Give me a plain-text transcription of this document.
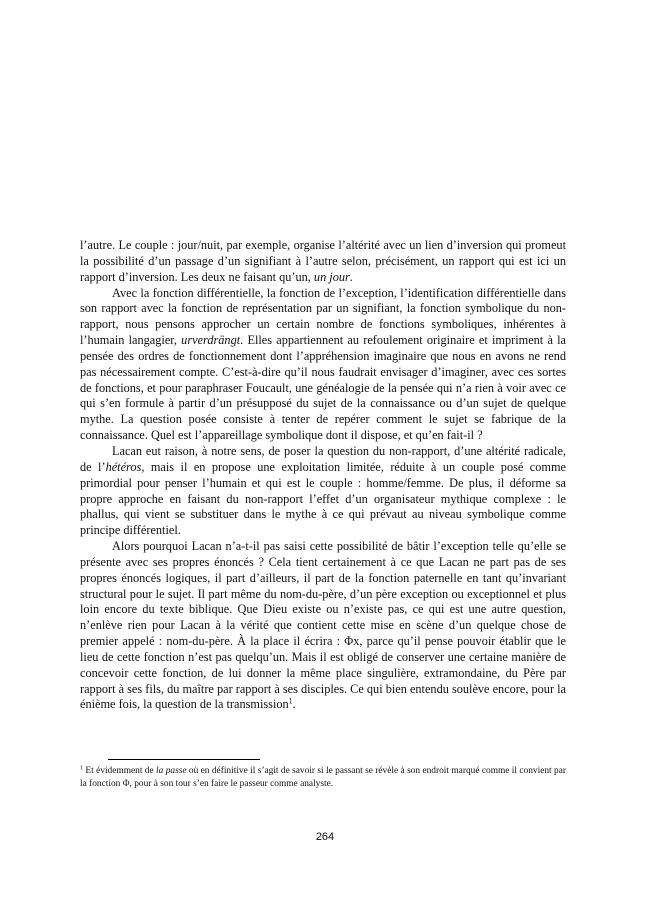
l’autre. Le couple : jour/nuit, par exemple, organise l’altérité avec un lien d’inversion qui promeut la possibilité d’un passage d’un signifiant à l’autre selon, précisément, un rapport qui est ici un rapport d’inversion. Les deux ne faisant qu’un, un jour.

Avec la fonction différentielle, la fonction de l’exception, l’identification différentielle dans son rapport avec la fonction de représentation par un signifiant, la fonction symbolique du non-rapport, nous pensons approcher un certain nombre de fonctions symboliques, inhérentes à l’humain langagier, urverdrängt. Elles appartiennent au refoulement originaire et impriment à la pensée des ordres de fonctionnement dont l’appréhension imaginaire que nous en avons ne rend pas nécessairement compte. C’est-à-dire qu’il nous faudrait envisager d’imaginer, avec ces sortes de fonctions, et pour paraphraser Foucault, une généalogie de la pensée qui n’a rien à voir avec ce qui s’en formule à partir d’un présupposé du sujet de la connaissance ou d’un sujet de quelque mythe. La question posée consiste à tenter de repérer comment le sujet se fabrique de la connaissance. Quel est l’appareillage symbolique dont il dispose, et qu’en fait-il ?

Lacan eut raison, à notre sens, de poser la question du non-rapport, d’une altérité radicale, de l’hétéros, mais il en propose une exploitation limitée, réduite à un couple posé comme primordial pour penser l’humain et qui est le couple : homme/femme. De plus, il déforme sa propre approche en faisant du non-rapport l’effet d’un organisateur mythique complexe : le phallus, qui vient se substituer dans le mythe à ce qui prévaut au niveau symbolique comme principe différentiel.

Alors pourquoi Lacan n’a-t-il pas saisi cette possibilité de bâtir l’exception telle qu’elle se présente avec ses propres énoncés ? Cela tient certainement à ce que Lacan ne part pas de ses propres énoncés logiques, il part d’ailleurs, il part de la fonction paternelle en tant qu’invariant structural pour le sujet. Il part même du nom-du-père, d’un père exception ou exceptionnel et plus loin encore du texte biblique. Que Dieu existe ou n’existe pas, ce qui est une autre question, n’enlève rien pour Lacan à la vérité que contient cette mise en scène d’un quelque chose de premier appelé : nom-du-père. À la place il écrira : Φx, parce qu’il pense pouvoir établir que le lieu de cette fonction n’est pas quelqu’un. Mais il est obligé de conserver une certaine manière de concevoir cette fonction, de lui donner la même place singulière, extramondaine, du Père par rapport à ses fils, du maître par rapport à ses disciples. Ce qui bien entendu soulève encore, pour la énième fois, la question de la transmission$^1$.

$^1$ Et évidemment de la passe où en définitive il s’agit de savoir si le passant se révèle à son endroit marqué comme il convient par la fonction Φ, pour à son tour s’en faire le passeur comme analyste.

264
